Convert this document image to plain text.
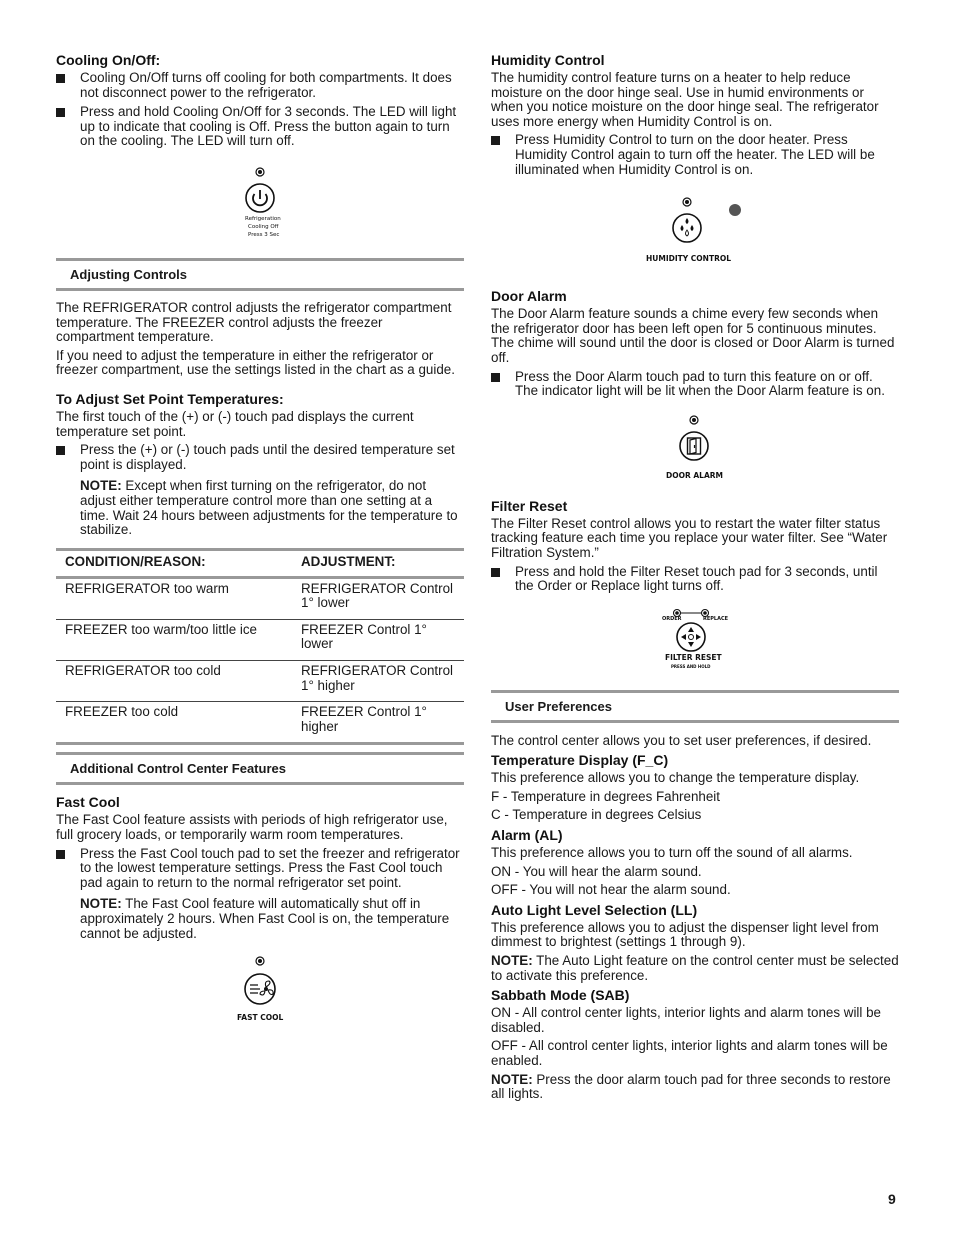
Cooling On/Off:
Cooling On/Off turns off cooling for both compartments. It does not disconnect power to the refrigerator.
Press and hold Cooling On/Off for 3 seconds. The LED will light up to indicate that cooling is Off. Press the button again to turn on the cooling. The LED will turn off.
Refrigeration
Cooling Off
Press 3 Sec
Adjusting Controls

The REFRIGERATOR control adjusts the refrigerator compartment temperature. The FREEZER control adjusts the freezer compartment temperature.

If you need to adjust the temperature in either the refrigerator or freezer compartment, use the settings listed in the chart as a guide.

To Adjust Set Point Temperatures:

The first touch of the (+) or (-) touch pad displays the current temperature set point.

Press the (+) or (-) touch pads until the desired temperature set point is displayed.
NOTE: Except when first turning on the refrigerator, do not adjust either temperature control more than one setting at a time. Wait 24 hours between adjustments for the temperature to stabilize.
CONDITION/REASON:	ADJUSTMENT:
REFRIGERATOR too warm	REFRIGERATOR Control 1° lower
FREEZER too warm/too little ice	FREEZER Control 1° lower
REFRIGERATOR too cold	REFRIGERATOR Control 1° higher
FREEZER too cold	FREEZER Control 1° higher
Additional Control Center Features
Fast Cool

The Fast Cool feature assists with periods of high refrigerator use, full grocery loads, or temporarily warm room temperatures.

Press the Fast Cool touch pad to set the freezer and refrigerator to the lowest temperature settings. Press the Fast Cool touch pad again to return to the normal refrigerator set point.
NOTE: The Fast Cool feature will automatically shut off in approximately 2 hours. When Fast Cool is on, the temperature cannot be adjusted.
FAST COOL
Humidity Control

The humidity control feature turns on a heater to help reduce moisture on the door hinge seal. Use in humid environments or when you notice moisture on the door hinge seal. The refrigerator uses more energy when Humidity Control is on.

Press Humidity Control to turn on the door heater. Press Humidity Control again to turn off the heater. The LED will be illuminated when Humidity Control is on.
HUMIDITY CONTROL
Door Alarm

The Door Alarm feature sounds a chime every few seconds when the refrigerator door has been left open for 5 continuous minutes. The chime will sound until the door is closed or Door Alarm is turned off.

Press the Door Alarm touch pad to turn this feature on or off. The indicator light will be lit when the Door Alarm feature is on.
DOOR ALARM
Filter Reset

The Filter Reset control allows you to restart the water filter status tracking feature each time you replace your water filter. See “Water Filtration System.”

Press and hold the Filter Reset touch pad for 3 seconds, until the Order or Replace light turns off.
ORDER	REPLACE
FILTER RESET
PRESS AND HOLD
User Preferences

The control center allows you to set user preferences, if desired.

Temperature Display (F_C)

This preference allows you to change the temperature display.

F - Temperature in degrees Fahrenheit

C - Temperature in degrees Celsius

Alarm (AL)

This preference allows you to turn off the sound of all alarms.

ON - You will hear the alarm sound.

OFF - You will not hear the alarm sound.

Auto Light Level Selection (LL)

This preference allows you to adjust the dispenser light level from dimmest to brightest (settings 1 through 9).

NOTE: The Auto Light feature on the control center must be selected to activate this preference.

Sabbath Mode (SAB)

ON - All control center lights, interior lights and alarm tones will be disabled.

OFF - All control center lights, interior lights and alarm tones will be enabled.

NOTE: Press the door alarm touch pad for three seconds to restore all lights.

9
